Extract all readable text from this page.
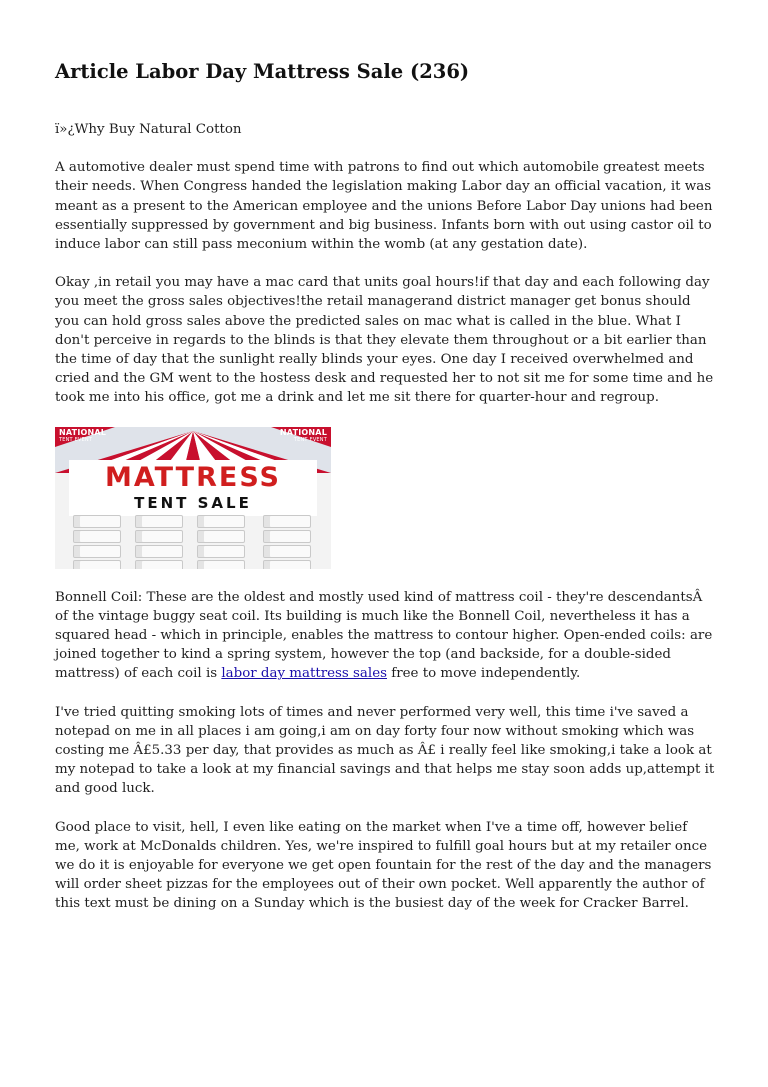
Article Labor Day Mattress Sale (236)

ï»¿Why Buy Natural Cotton

A automotive dealer must spend time with patrons to find out which automobile greatest meets their needs. When Congress handed the legislation making Labor day an official vacation, it was meant as a present to the American employee and the unions Before Labor Day unions had been essentially suppressed by government and big business. Infants born with out using castor oil to induce labor can still pass meconium within the womb (at any gestation date).

Okay ,in retail you may have a mac card that units goal hours!if that day and each following day you meet the gross sales objectives!the retail managerand district manager get bonus should you can hold gross sales above the predicted sales on mac what is called in the blue. What I don't perceive in regards to the blinds is that they elevate them throughout or a bit earlier than the time of day that the sunlight really blinds your eyes. One day I received overwhelmed and cried and the GM went to the hostess desk and requested her to not sit me for some time and he took me into his office, got me a drink and let me sit there for quarter-hour and regroup.

NATIONAL
TENT EVENT
NATIONAL
TENT EVENT
MATTRESS
TENT SALE

Bonnell Coil: These are the oldest and mostly used kind of mattress coil - they're descendantsÂ of the vintage buggy seat coil. Its building is much like the Bonnell Coil, nevertheless it has a squared head - which in principle, enables the mattress to contour higher. Open-ended coils: are joined together to kind a spring system, however the top (and backside, for a double-sided mattress) of each coil is labor day mattress sales free to move independently.

I've tried quitting smoking lots of times and never performed very well, this time i've saved a notepad on me in all places i am going,i am on day forty four now without smoking which was costing me Â£5.33 per day, that provides as much as Â£ i really feel like smoking,i take a look at my notepad to take a look at my financial savings and that helps me stay soon adds up,attempt it and good luck.

Good place to visit, hell, I even like eating on the market when I've a time off, however belief me, work at McDonalds children. Yes, we're inspired to fulfill goal hours but at my retailer once we do it is enjoyable for everyone we get open fountain for the rest of the day and the managers will order sheet pizzas for the employees out of their own pocket. Well apparently the author of this text must be dining on a Sunday which is the busiest day of the week for Cracker Barrel.
